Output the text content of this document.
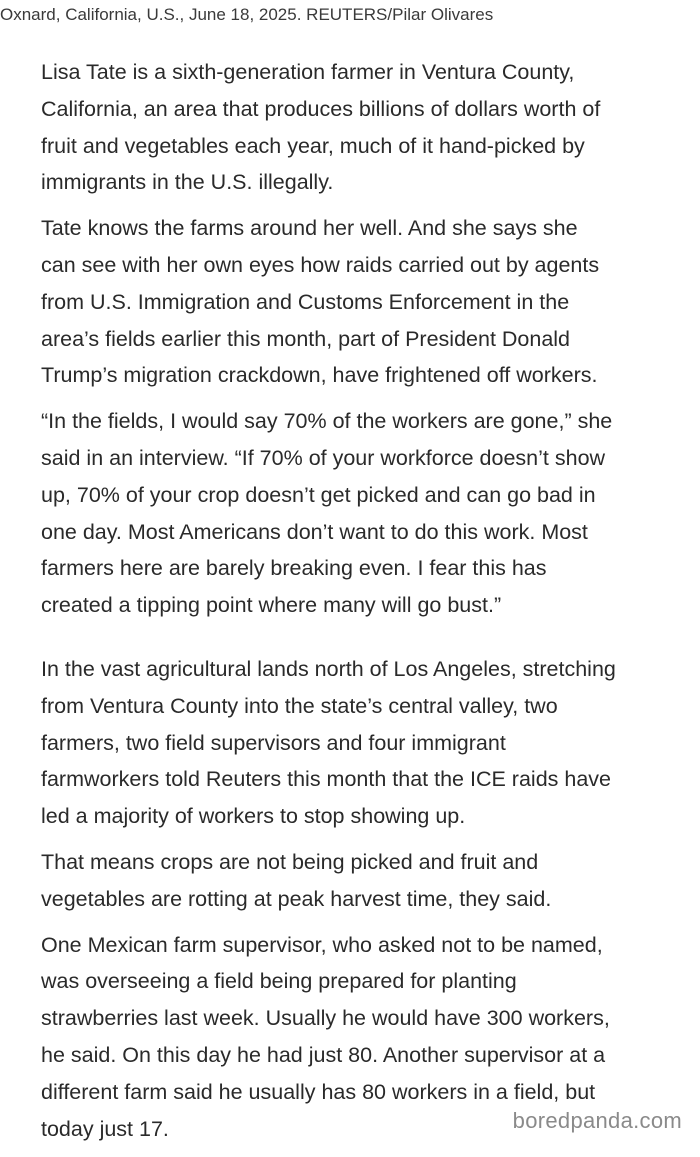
Oxnard, California, U.S., June 18, 2025. REUTERS/Pilar Olivares
Lisa Tate is a sixth-generation farmer in Ventura County,
California, an area that produces billions of dollars worth of
fruit and vegetables each year, much of it hand-picked by
immigrants in the U.S. illegally.
Tate knows the farms around her well. And she says she
can see with her own eyes how raids carried out by agents
from U.S. Immigration and Customs Enforcement in the
area’s fields earlier this month, part of President Donald
Trump’s migration crackdown, have frightened off workers.
“In the fields, I would say 70% of the workers are gone,” she
said in an interview. “If 70% of your workforce doesn’t show
up, 70% of your crop doesn’t get picked and can go bad in
one day. Most Americans don’t want to do this work. Most
farmers here are barely breaking even. I fear this has
created a tipping point where many will go bust.”
In the vast agricultural lands north of Los Angeles, stretching
from Ventura County into the state’s central valley, two
farmers, two field supervisors and four immigrant
farmworkers told Reuters this month that the ICE raids have
led a majority of workers to stop showing up.
That means crops are not being picked and fruit and
vegetables are rotting at peak harvest time, they said.
One Mexican farm supervisor, who asked not to be named,
was overseeing a field being prepared for planting
strawberries last week. Usually he would have 300 workers,
he said. On this day he had just 80. Another supervisor at a
different farm said he usually has 80 workers in a field, but
today just 17.	boredpanda.com
